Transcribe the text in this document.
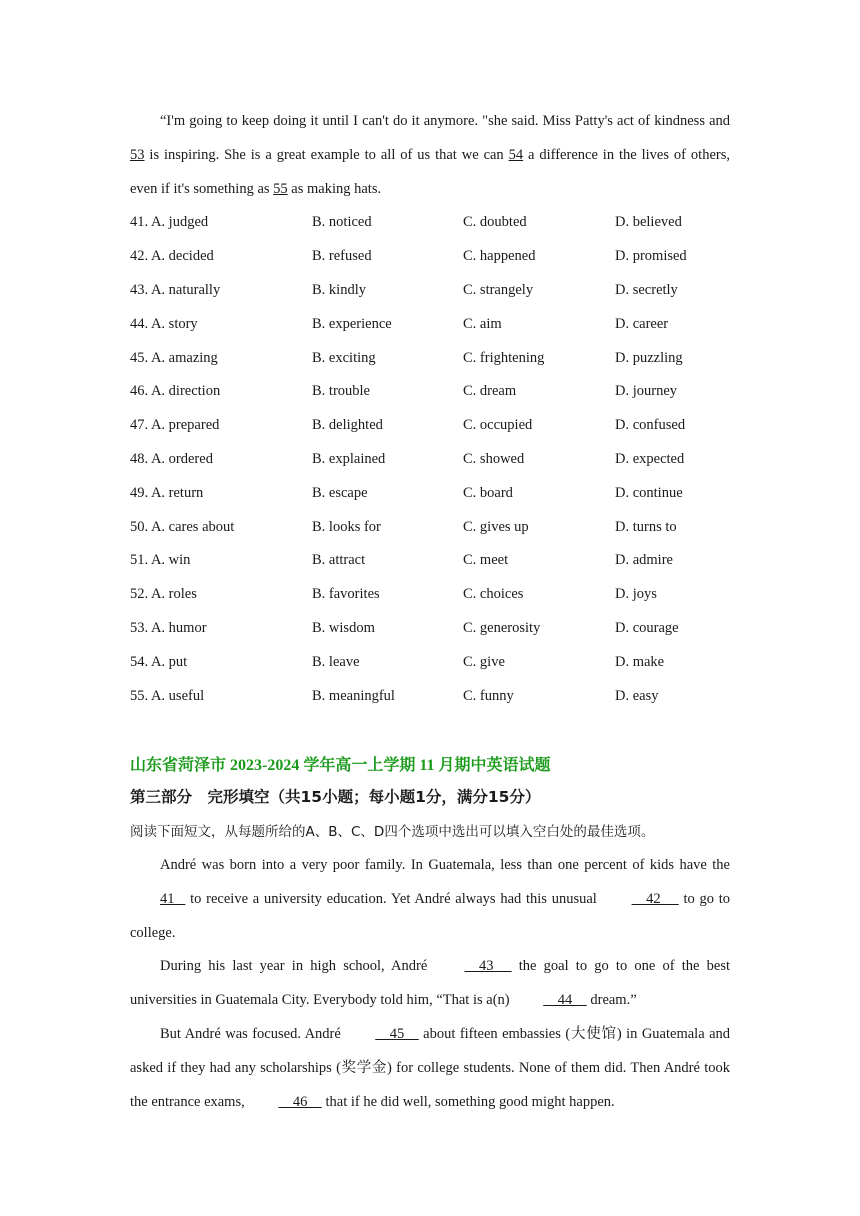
“I'm going to keep doing it until I can't do it anymore. "she said. Miss Patty's act of kindness and 53 is inspiring. She is a great example to all of us that we can 54 a difference in the lives of others, even if it's something as 55 as making hats.
41. A. judged	B. noticed	C. doubted	D. believed
42. A. decided	B. refused	C. happened	D. promised
43. A. naturally	B. kindly	C. strangely	D. secretly
44. A. story	B. experience	C. aim	D. career
45. A. amazing	B. exciting	C. frightening	D. puzzling
46. A. direction	B. trouble	C. dream	D. journey
47. A. prepared	B. delighted	C. occupied	D. confused
48. A. ordered	B. explained	C. showed	D. expected
49. A. return	B. escape	C. board	D. continue
50. A. cares about	B. looks for	C. gives up	D. turns to
51. A. win	B. attract	C. meet	D. admire
52. A. roles	B. favorites	C. choices	D. joys
53. A. humor	B. wisdom	C. generosity	D. courage
54. A. put	B. leave	C. give	D. make
55. A. useful	B. meaningful	C. funny	D. easy
山东省菏泽市 2023-2024 学年高一上学期 11 月期中英语试题
第三部分　完形填空（共15小题；每小题1分，满分15分）
阅读下面短文，从每题所给的A、B、C、D四个选项中选出可以填入空白处的最佳选项。
André was born into a very poor family. In Guatemala, less than one percent of kids have the 41    to receive a university education. Yet André always had this unusual     42      to go to college.
During his last year in high school, André     43      the goal to go to one of the best universities in Guatemala City. Everybody told him, “That is a(n)     44     dream.”
But André was focused. André     45     about fifteen embassies (大使馆) in Guatemala and asked if they had any scholarships (奖学金) for college students. None of them did. Then André took the entrance exams,     46     that if he did well, something good might happen.
